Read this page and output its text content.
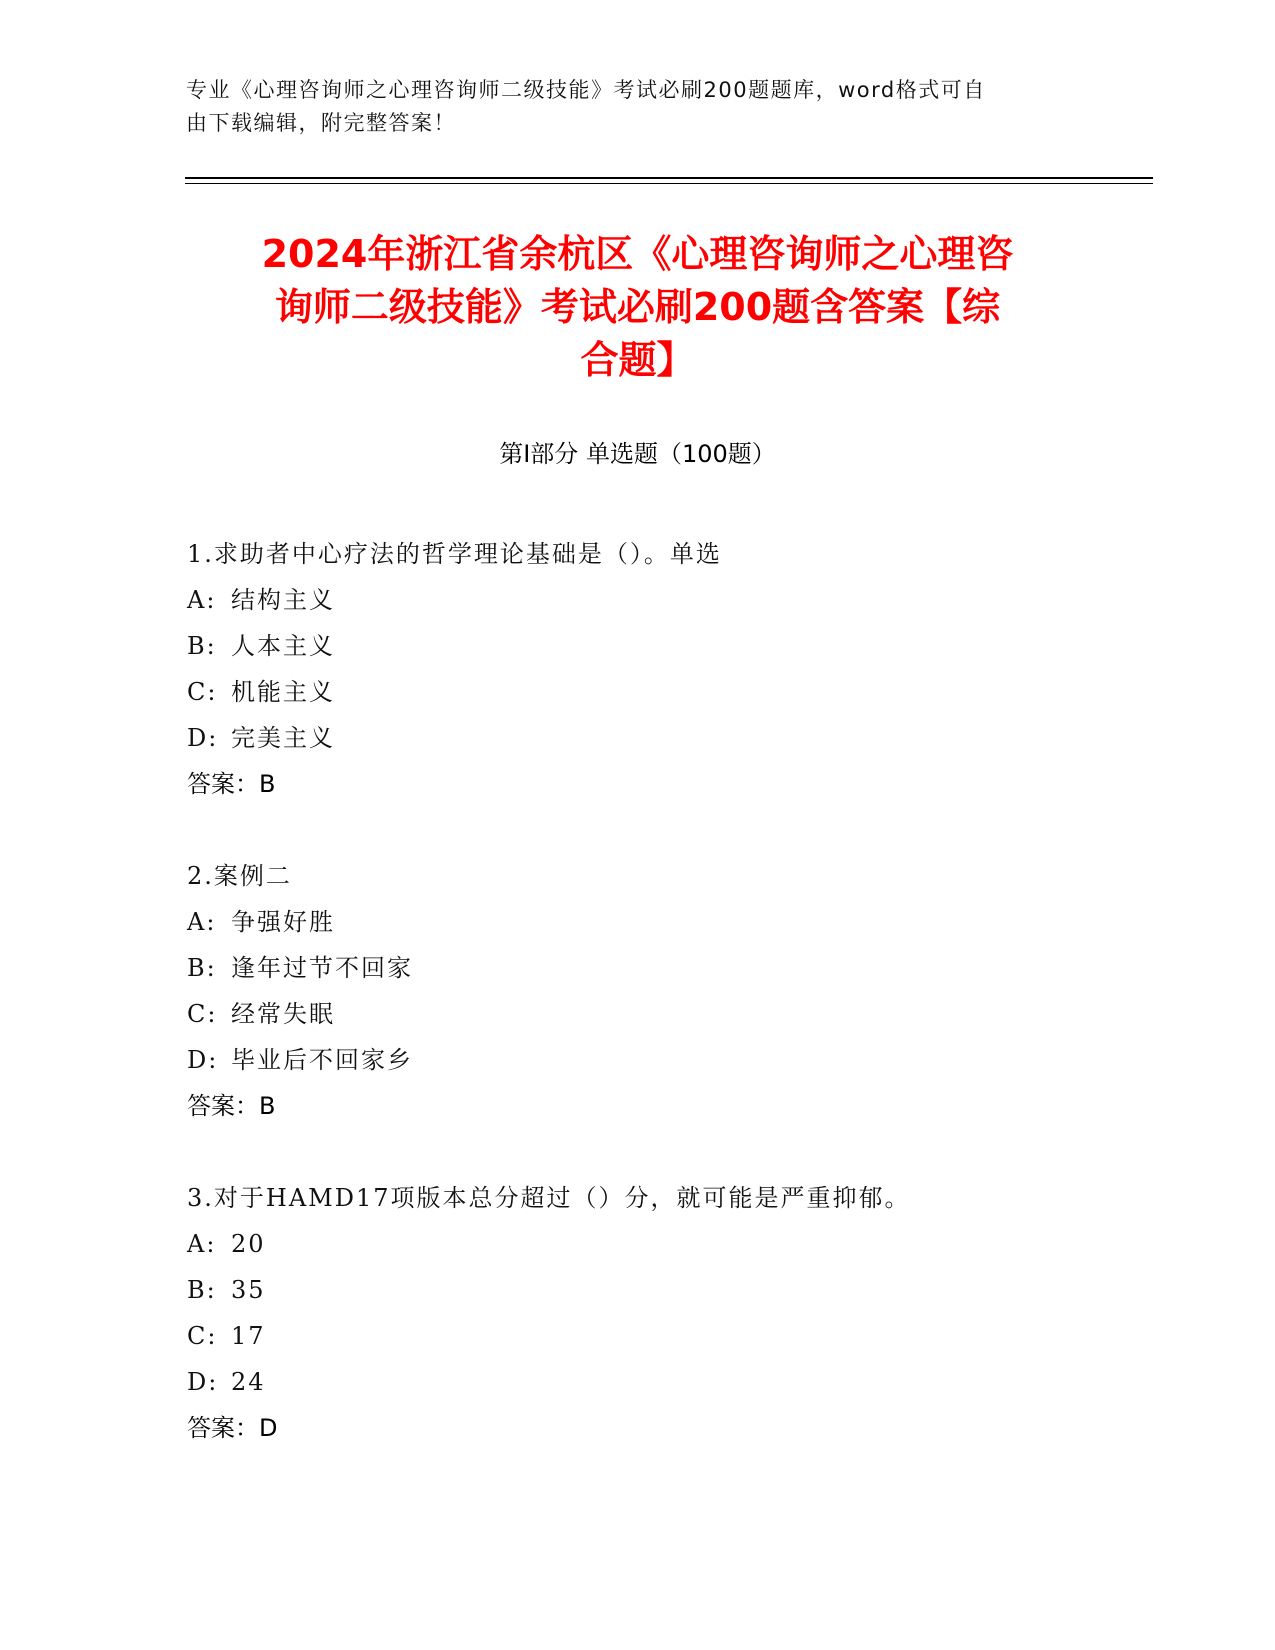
专业《心理咨询师之心理咨询师二级技能》考试必刷200题题库，word格式可自
由下载编辑，附完整答案！
2024年浙江省余杭区《心理咨询师之心理咨
询师二级技能》考试必刷200题含答案【综
合题】
第Ⅰ部分 单选题（100题）
1.求助者中心疗法的哲学理论基础是（）。单选
A: 结构主义
B: 人本主义
C: 机能主义
D: 完美主义
答案：B
2.案例二
A: 争强好胜
B: 逢年过节不回家
C: 经常失眠
D: 毕业后不回家乡
答案：B
3.对于HAMD17项版本总分超过（）分，就可能是严重抑郁。
A: 20
B: 35
C: 17
D: 24
答案：D
